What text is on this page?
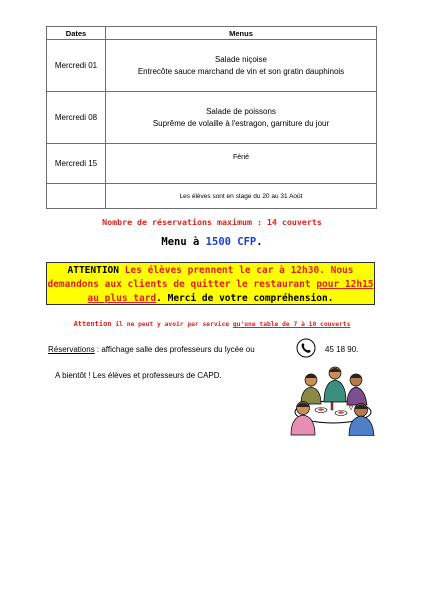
Dates	Menus
Mercredi 01	Salade niçoise
Entrecôte sauce marchand de vin et son gratin dauphinois

Mercredi 08	Salade de poissons
Suprême de volaille à l'estragon, garniture du jour

Mercredi 15	Férié

	Les élèves sont en stage du 20 au 31 Août
Nombre de réservations maximum : 14 couverts
Menu à 1500 CFP.
ATTENTION Les élèves prennent le car à 12h30. Nous demandons aux clients de quitter le restaurant pour 12h15 au plus tard. Merci de votre compréhension.
Attention il ne peut y avoir par service qu'une table de 7 à 10 couverts
Réservations : affichage salle des professeurs du lycée ou	45 18 90.
A bientôt ! Les élèves et professeurs de CAPD.
